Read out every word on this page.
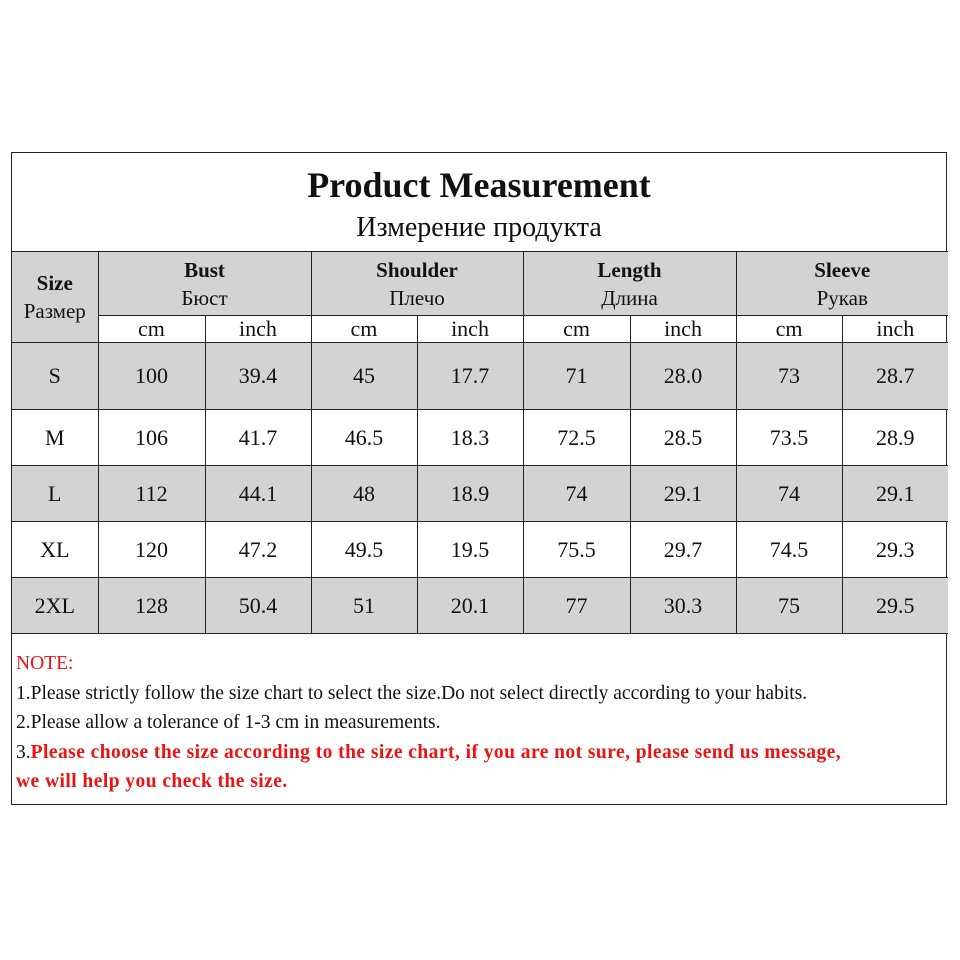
Product Measurement
Измерение продукта
Size
Размер	Bust
Бюст		Shoulder
Плечо		Length
Длина		Sleeve
Рукав	

	cm	inch	cm	inch	cm	inch	cm	inch
S	100	39.4	45	17.7	71	28.0	73	28.7
M	106	41.7	46.5	18.3	72.5	28.5	73.5	28.9
L	112	44.1	48	18.9	74	29.1	74	29.1
XL	120	47.2	49.5	19.5	75.5	29.7	74.5	29.3
2XL	128	50.4	51	20.1	77	30.3	75	29.5
NOTE:
1.Please strictly follow the size chart to select the size.Do not select directly according to your habits.
2.Please allow a tolerance of 1-3 cm in measurements.
3.Please choose the size according to the size chart, if you are not sure, please send us message,
we will help you check the size.
